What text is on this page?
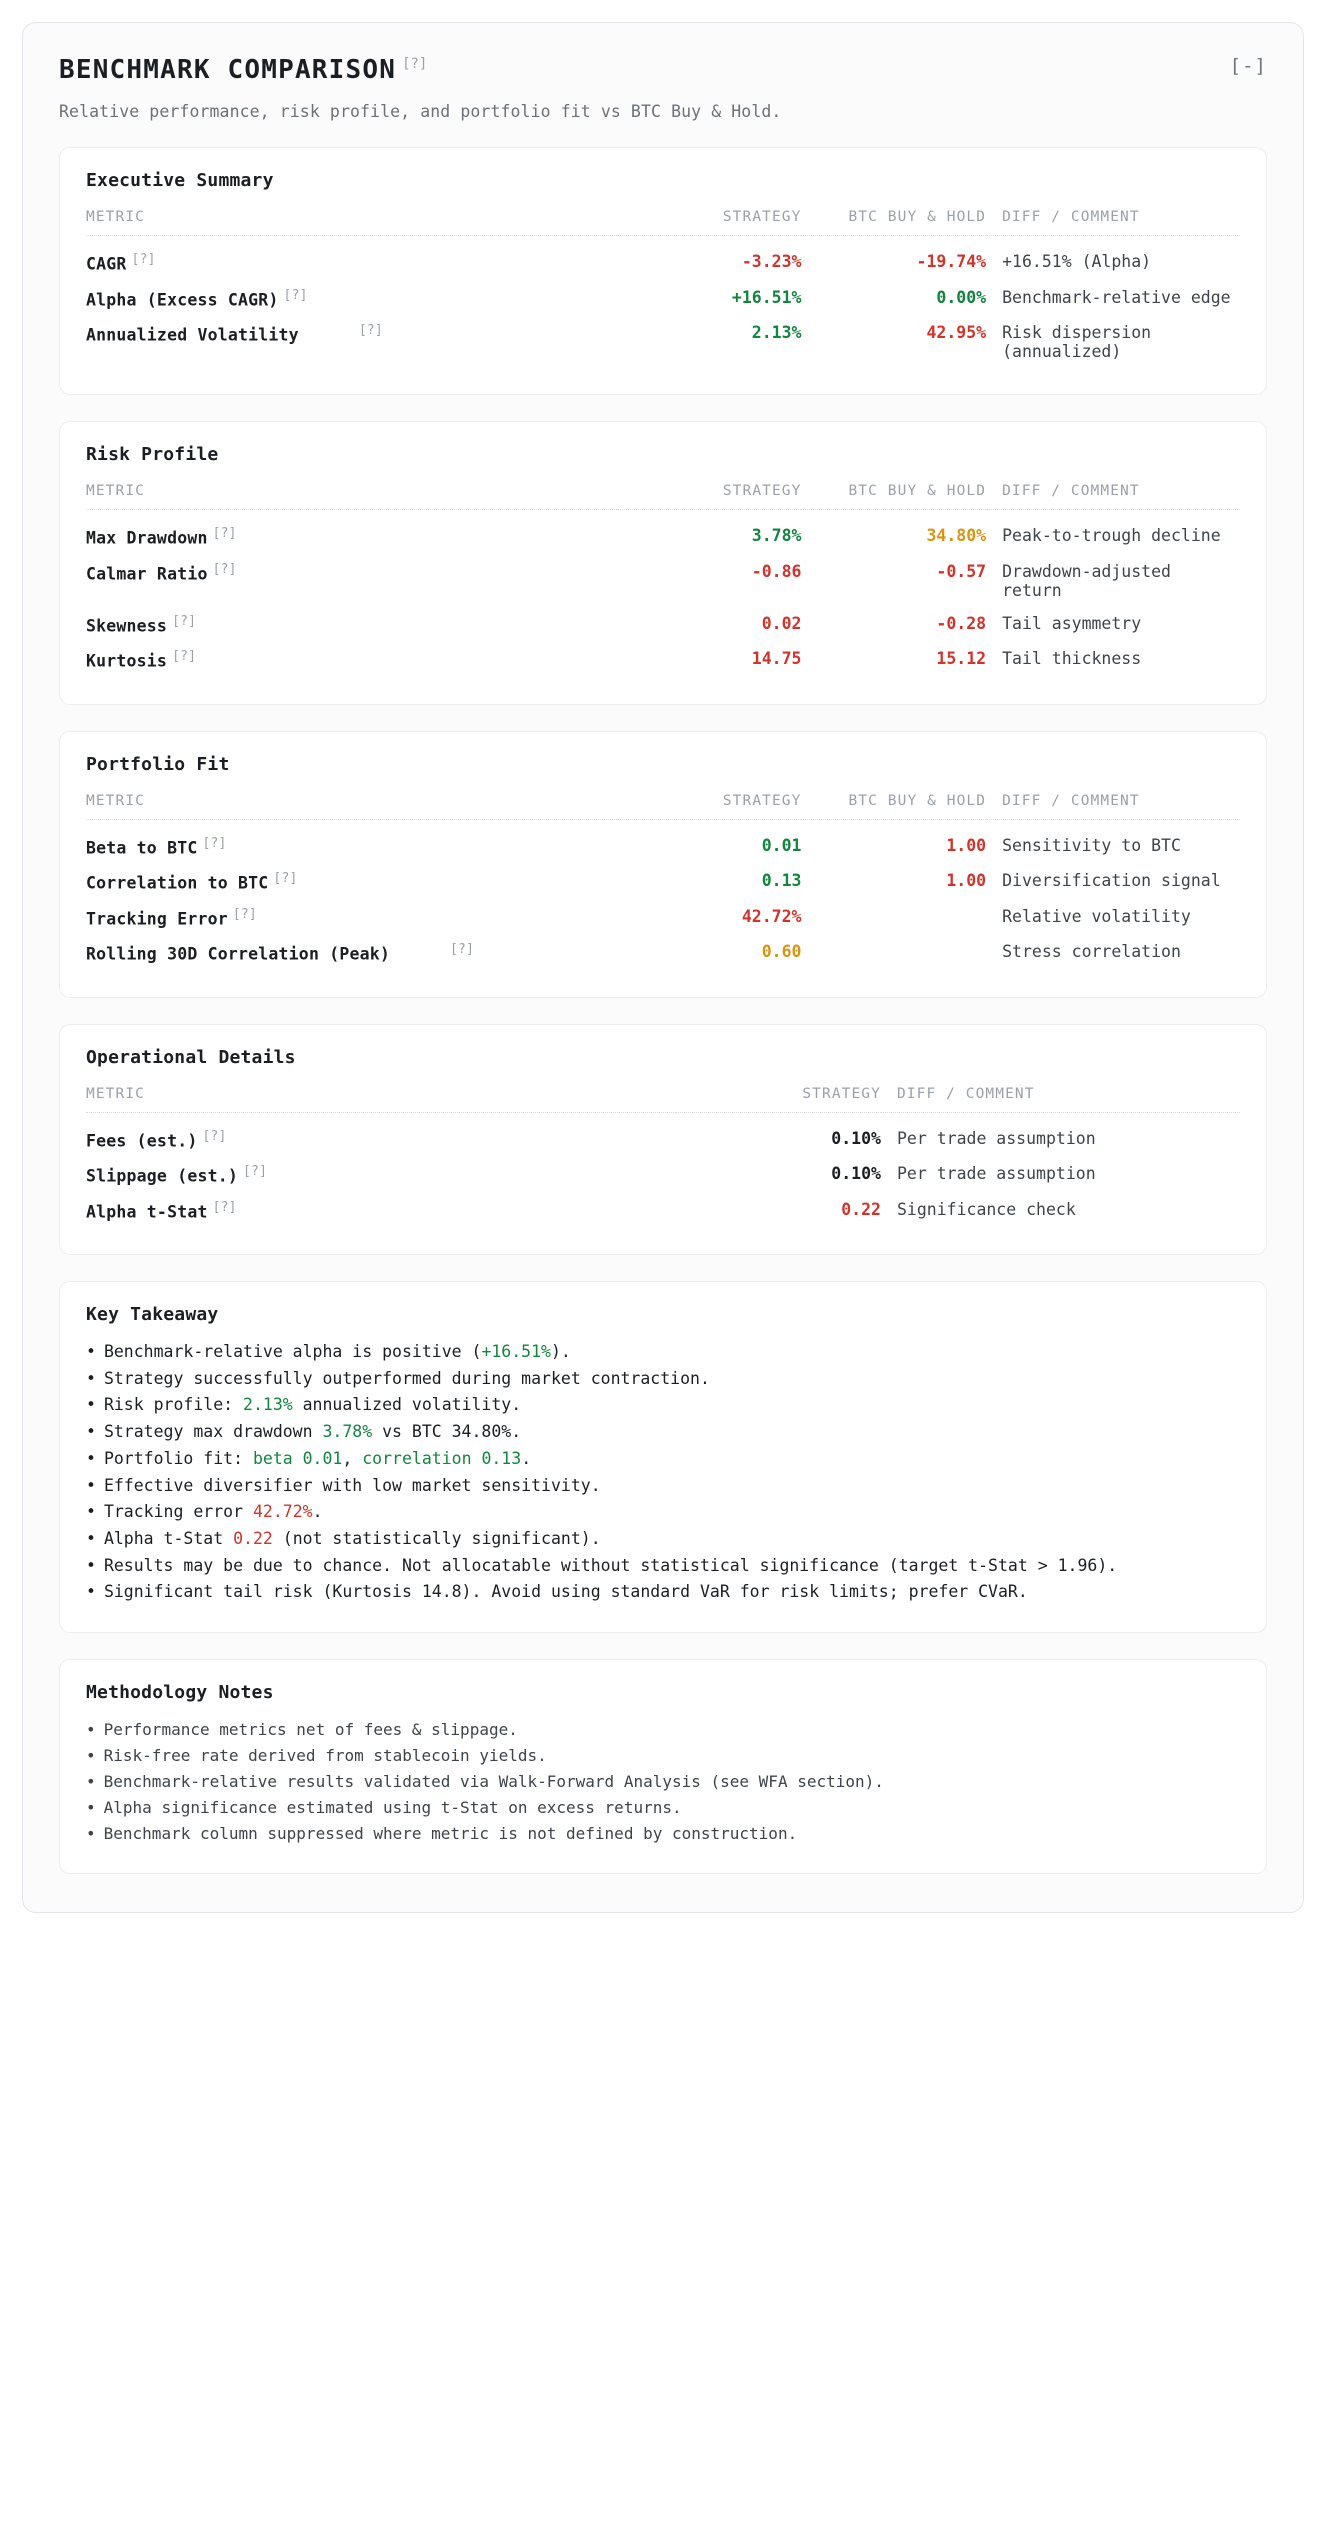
BENCHMARK COMPARISON [?]	[-]
Relative performance, risk profile, and portfolio fit vs BTC Buy & Hold.
Executive Summary
METRIC	STRATEGY	BTC BUY & HOLD	DIFF / COMMENT
CAGR [?]	-3.23%	-19.74%	+16.51% (Alpha)
Alpha (Excess CAGR) [?]	+16.51%	0.00%	Benchmark-relative edge
Annualized Volatility [?]	2.13%	42.95%	Risk dispersion (annualized)
Risk Profile
METRIC	STRATEGY	BTC BUY & HOLD	DIFF / COMMENT
Max Drawdown [?]	3.78%	34.80%	Peak-to-trough decline
Calmar Ratio [?]	-0.86	-0.57	Drawdown-adjusted return
Skewness [?]	0.02	-0.28	Tail asymmetry
Kurtosis [?]	14.75	15.12	Tail thickness
Portfolio Fit
METRIC	STRATEGY	BTC BUY & HOLD	DIFF / COMMENT
Beta to BTC [?]	0.01	1.00	Sensitivity to BTC
Correlation to BTC [?]	0.13	1.00	Diversification signal
Tracking Error [?]	42.72%		Relative volatility
Rolling 30D Correlation (Peak) [?]	0.60		Stress correlation
Operational Details
METRIC	STRATEGY	DIFF / COMMENT
Fees (est.) [?]	0.10%	Per trade assumption
Slippage (est.) [?]	0.10%	Per trade assumption
Alpha t-Stat [?]	0.22	Significance check
Key Takeaway
• Benchmark-relative alpha is positive (+16.51%).
• Strategy successfully outperformed during market contraction.
• Risk profile: 2.13% annualized volatility.
• Strategy max drawdown 3.78% vs BTC 34.80%.
• Portfolio fit: beta 0.01, correlation 0.13.
• Effective diversifier with low market sensitivity.
• Tracking error 42.72%.
• Alpha t-Stat 0.22 (not statistically significant).
• Results may be due to chance. Not allocatable without statistical significance (target t-Stat > 1.96).
• Significant tail risk (Kurtosis 14.8). Avoid using standard VaR for risk limits; prefer CVaR.
Methodology Notes
• Performance metrics net of fees & slippage.
• Risk-free rate derived from stablecoin yields.
• Benchmark-relative results validated via Walk-Forward Analysis (see WFA section).
• Alpha significance estimated using t-Stat on excess returns.
• Benchmark column suppressed where metric is not defined by construction.
